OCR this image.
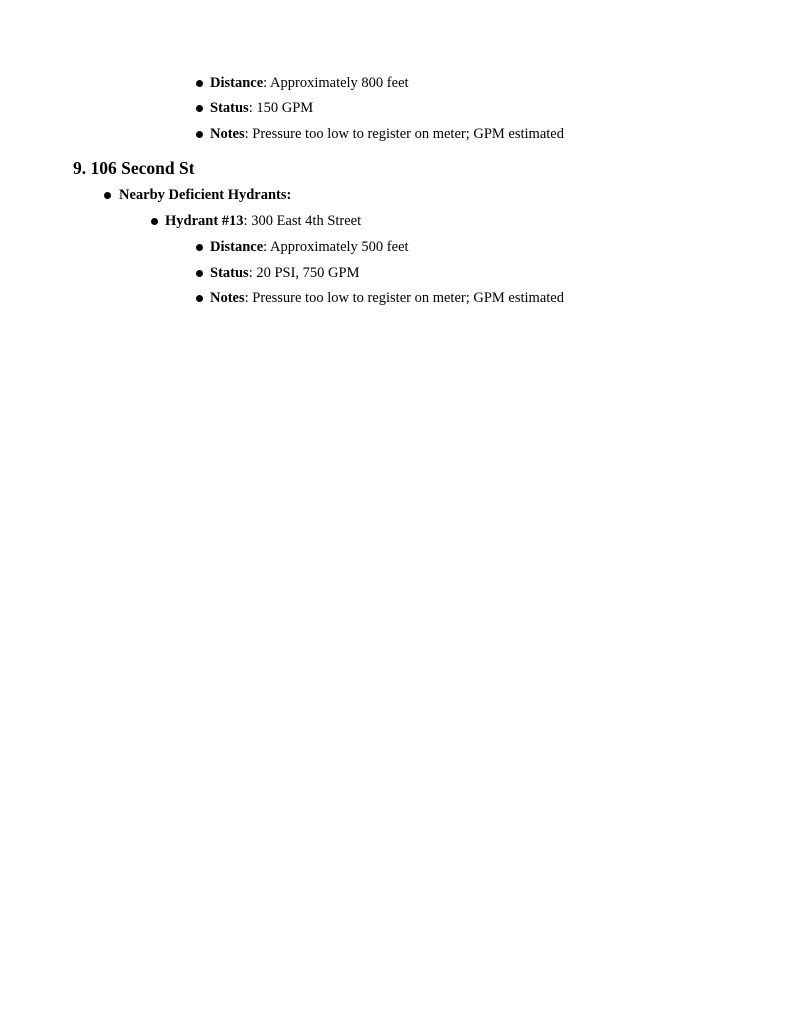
Distance: Approximately 800 feet
Status: 150 GPM
Notes: Pressure too low to register on meter; GPM estimated
9. 106 Second St
Nearby Deficient Hydrants:
Hydrant #13: 300 East 4th Street
Distance: Approximately 500 feet
Status: 20 PSI, 750 GPM
Notes: Pressure too low to register on meter; GPM estimated
